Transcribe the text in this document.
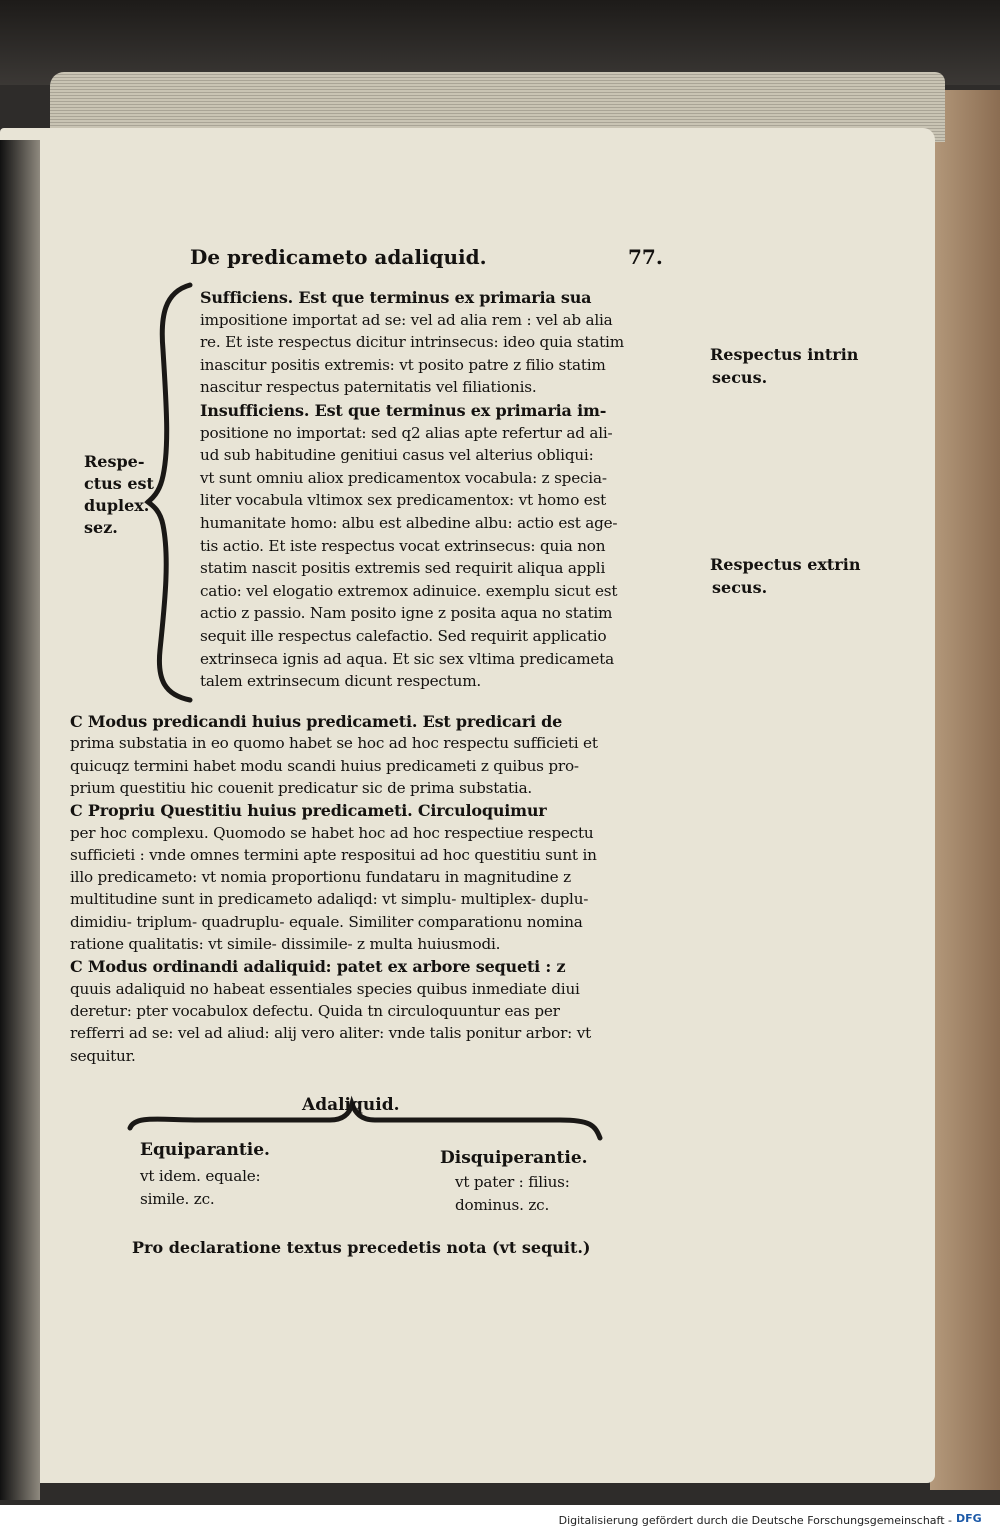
De predicameto adaliquid.	77.
Sufficiens. Est que terminus ex primaria sua
impositione importat ad se: vel ad alia rem : vel ab alia
re. Et iste respectus dicitur intrinsecus: ideo quia statim
inascitur positis extremis: vt posito patre z filio statim
nascitur respectus paternitatis vel filiationis.
Insufficiens. Est que terminus ex primaria im-
positione no importat: sed q2 alias apte refertur ad ali-
ud sub habitudine genitiui casus vel alterius obliqui:
vt sunt omniu aliox predicamentox vocabula: z specia-
liter vocabula vltimox sex predicamentox: vt homo est
humanitate homo: albu est albedine albu: actio est age-
tis actio. Et iste respectus vocat extrinsecus: quia non
statim nascit positis extremis sed requirit aliqua appli
catio: vel elogatio extremox adinuice. exemplu sicut est
actio z passio. Nam posito igne z posita aqua no statim
sequit ille respectus calefactio. Sed requirit applicatio
extrinseca ignis ad aqua. Et sic sex vltima predicameta
talem extrinsecum dicunt respectum.
C Modus predicandi huius predicameti. Est predicari de
prima substatia in eo quomo habet se hoc ad hoc respectu sufficieti et
quicuqz termini habet modu scandi huius predicameti z quibus pro-
prium questitiu hic couenit predicatur sic de prima substatia.
C Propriu Questitiu huius predicameti. Circuloquimur
per hoc complexu. Quomodo se habet hoc ad hoc respectiue respectu
sufficieti : vnde omnes termini apte respositui ad hoc questitiu sunt in
illo predicameto: vt nomia proportionu fundataru in magnitudine z
multitudine sunt in predicameto adaliqd: vt simplu- multiplex- duplu-
dimidiu- triplum- quadruplu- equale. Similiter comparationu nomina
ratione qualitatis: vt simile- dissimile- z multa huiusmodi.
C Modus ordinandi adaliquid: patet ex arbore sequeti : z
quuis adaliquid no habeat essentiales species quibus inmediate diui
deretur: pter vocabulox defectu. Quida tn circuloquuntur eas per
refferri ad se: vel ad aliud: alij vero aliter: vnde talis ponitur arbor: vt
sequitur.
Respe-
ctus est
duplex.
sez.
Respectus intrin
secus.
Respectus extrin
secus.
Adaliquid.
Equiparantie.
vt idem. equale:
simile. zc.
Disquiperantie.
vt pater : filius:
dominus. zc.
Pro declaratione textus precedetis nota (vt sequit.)
Digitalisierung gefördert durch die Deutsche Forschungsgemeinschaft - DFG
